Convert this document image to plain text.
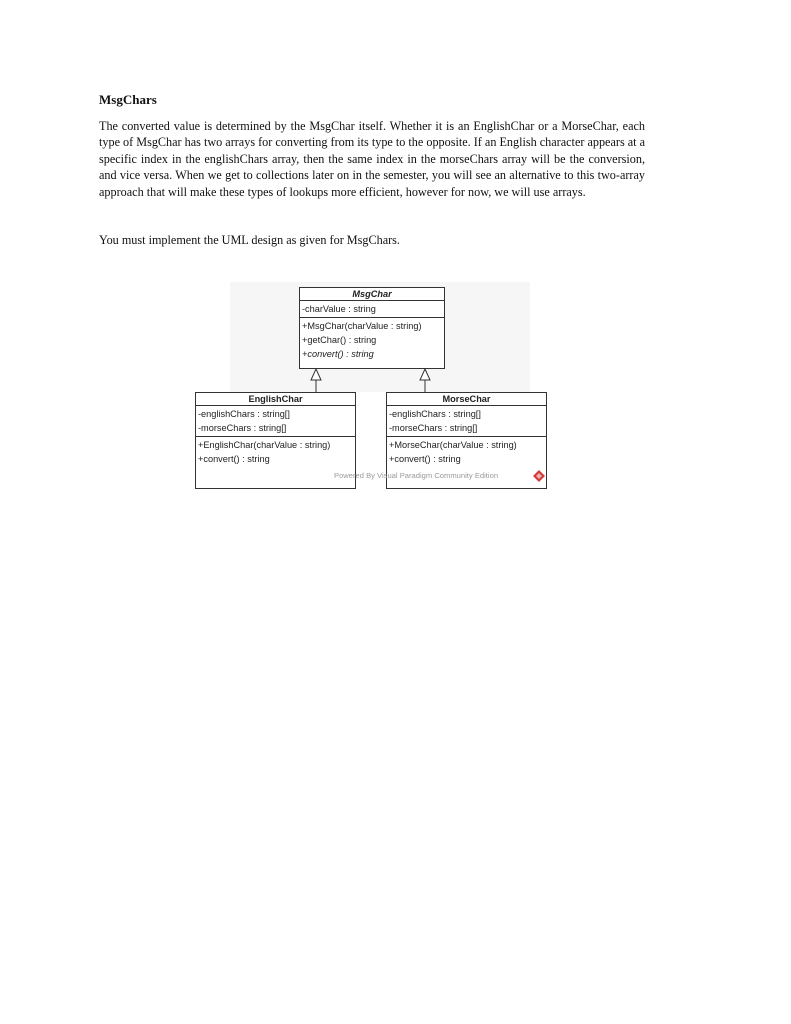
MsgChars

The converted value is determined by the MsgChar itself. Whether it is an EnglishChar or a MorseChar, each type of MsgChar has two arrays for converting from its type to the opposite. If an English character appears at a specific index in the englishChars array, then the same index in the morseChars array will be the conversion, and vice versa. When we get to collections later on in the semester, you will see an alternative to this two-array approach that will make these types of lookups more efficient, however for now, we will use arrays.

You must implement the UML design as given for MsgChars.

MsgChar
-charValue : string
+MsgChar(charValue : string)
+getChar() : string
+convert() : string
EnglishChar
-englishChars : string[]
-morseChars : string[]
+EnglishChar(charValue : string)
+convert() : string
MorseChar
-englishChars : string[]
-morseChars : string[]
+MorseChar(charValue : string)
+convert() : string
Powered By Visual Paradigm Community Edition
